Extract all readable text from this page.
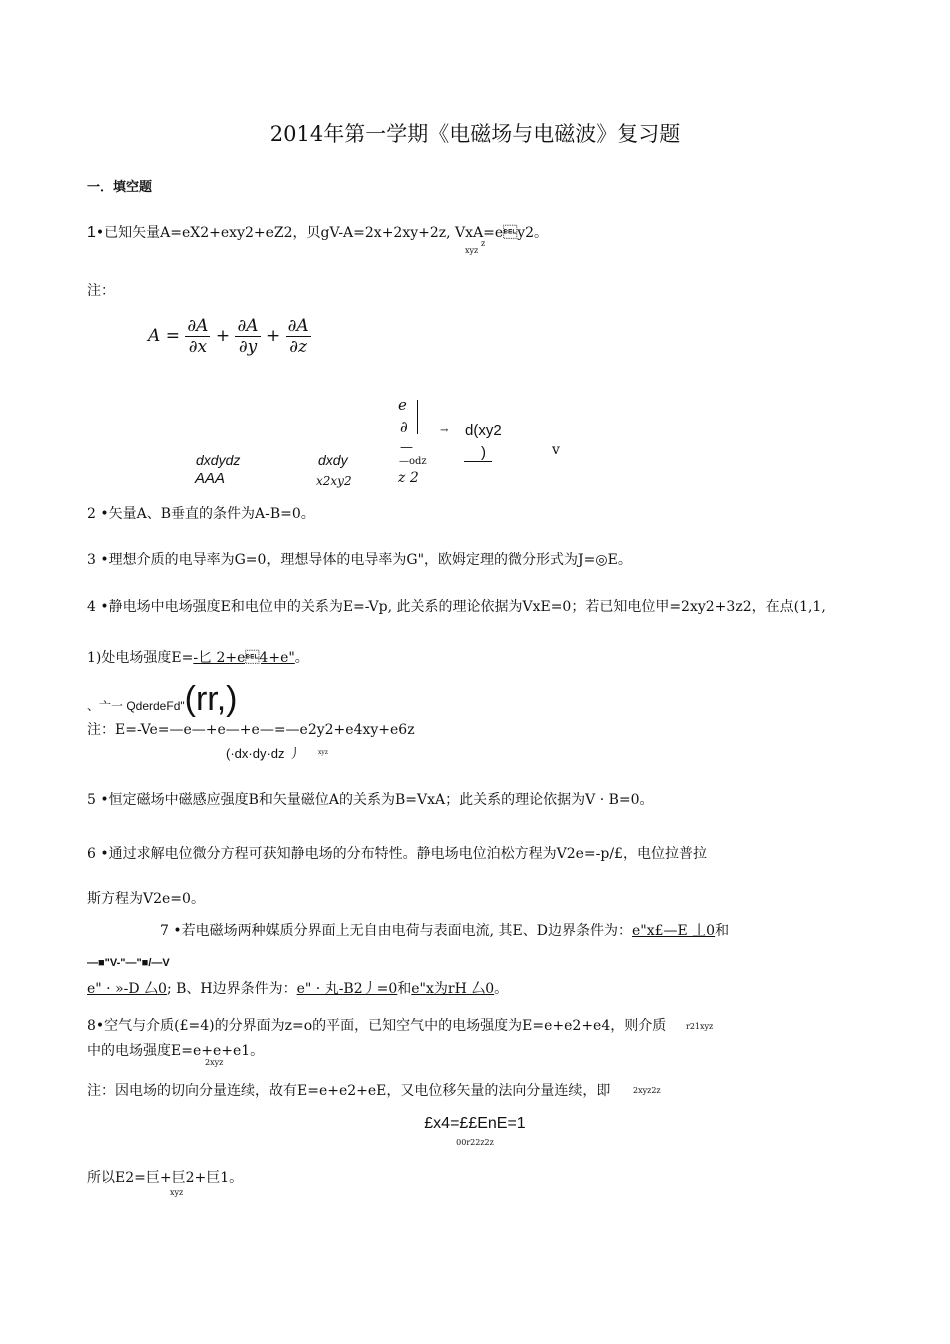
2014年第一学期《电磁场与电磁波》复习题
一．填空题
1•已知矢量A=eX2+exy2+eZ2，贝gV-A=2x+2xy+2z, VxA=ey2。
xyz
z
注：
$A = \frac{\partial A}{\partial x} + \frac{\partial A}{\partial y} + \frac{\partial A}{\partial z}$
e
∂	→ d(xy2
)	v
—
—odz
dxdydz	dxdy
AAA	x2xy2	z 2
2 •矢量A、B垂直的条件为A-B=0。
3 •理想介质的电导率为G=0，理想导体的电导率为G"，欧姆定理的微分形式为J=◎E。
4 •静电场中电场强度E和电位申的关系为E=-Vp, 此关系的理论依据为VxE=0；若已知电位甲=2xy2+3z2，在点(1,1,
1)处电场强度E=-匕 2+e4+e"。
、亠一 QderdeFd"(rr,)
注：E=-Ve=—e—+e—+e—=—e2y2+e4xy+e6z
(·dx·dy·dz 丿	xyz
5 •恒定磁场中磁感应强度B和矢量磁位A的关系为B=VxA；此关系的理论依据为V · B=0。
6 •通过求解电位微分方程可获知静电场的分布特性。静电场电位泊松方程为V2e=-p/£，电位拉普拉
斯方程为V2e=0。
7 •若电磁场两种媒质分界面上无自由电荷与表面电流, 其E、D边界条件为：e"x£—E 丄0和
—■"V-"—"■/—V
e" · »-D 厶0; B、H边界条件为：e" · 丸-B2丿=0和e"x为rH 厶0。
8•空气与介质(£=4)的分界面为z=o的平面，已知空气中的电场强度为E=e+e2+e4，则介质 r21xyz
中的电场强度E=e+e+e1。
2xyz
注：因电场的切向分量连续，故有E=e+e2+eE，又电位移矢量的法向分量连续，即	2xyz2z
£x4=££EnE=1
00r22z2z
所以E2=巨+巨2+巨1。
xyz
